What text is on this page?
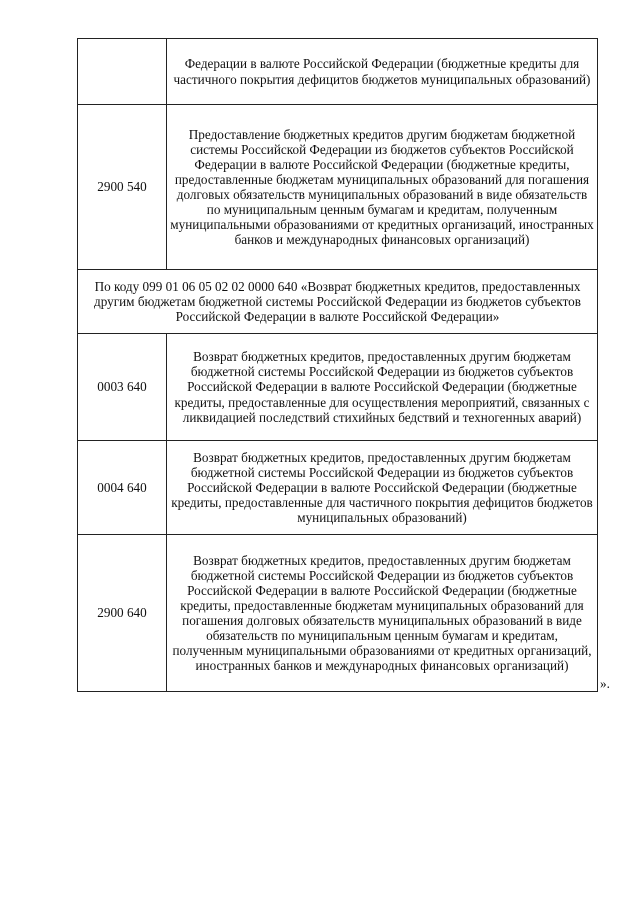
	Федерации в валюте Российской Федерации (бюджетные кредиты для частичного покрытия дефицитов бюджетов муниципальных образований)
2900 540	Предоставление бюджетных кредитов другим бюджетам бюджетной системы Российской Федерации из бюджетов субъектов Российской Федерации в валюте Российской Федерации (бюджетные кредиты, предоставленные бюджетам муниципальных образований для погашения долговых обязательств муниципальных образований в виде обязательств по муниципальным ценным бумагам и кредитам, полученным муниципальными образованиями от кредитных организаций, иностранных банков и международных финансовых организаций)
По коду 099 01 06 05 02 02 0000 640 «Возврат бюджетных кредитов, предоставленных другим бюджетам бюджетной системы Российской Федерации из бюджетов субъектов Российской Федерации в валюте Российской Федерации»	
0003 640	Возврат бюджетных кредитов, предоставленных другим бюджетам бюджетной системы Российской Федерации из бюджетов субъектов Российской Федерации в валюте Российской Федерации (бюджетные кредиты, предоставленные для осуществления мероприятий, связанных с ликвидацией последствий стихийных бедствий и техногенных аварий)
0004 640	Возврат бюджетных кредитов, предоставленных другим бюджетам бюджетной системы Российской Федерации из бюджетов субъектов Российской Федерации в валюте Российской Федерации (бюджетные кредиты, предоставленные для частичного покрытия дефицитов бюджетов муниципальных образований)
2900 640	Возврат бюджетных кредитов, предоставленных другим бюджетам бюджетной системы Российской Федерации из бюджетов субъектов Российской Федерации в валюте Российской Федерации (бюджетные кредиты, предоставленные бюджетам муниципальных образований для погашения долговых обязательств муниципальных образований в виде обязательств по муниципальным ценным бумагам и кредитам, полученным муниципальными образованиями от кредитных организаций, иностранных банков и международных финансовых организаций)
».
